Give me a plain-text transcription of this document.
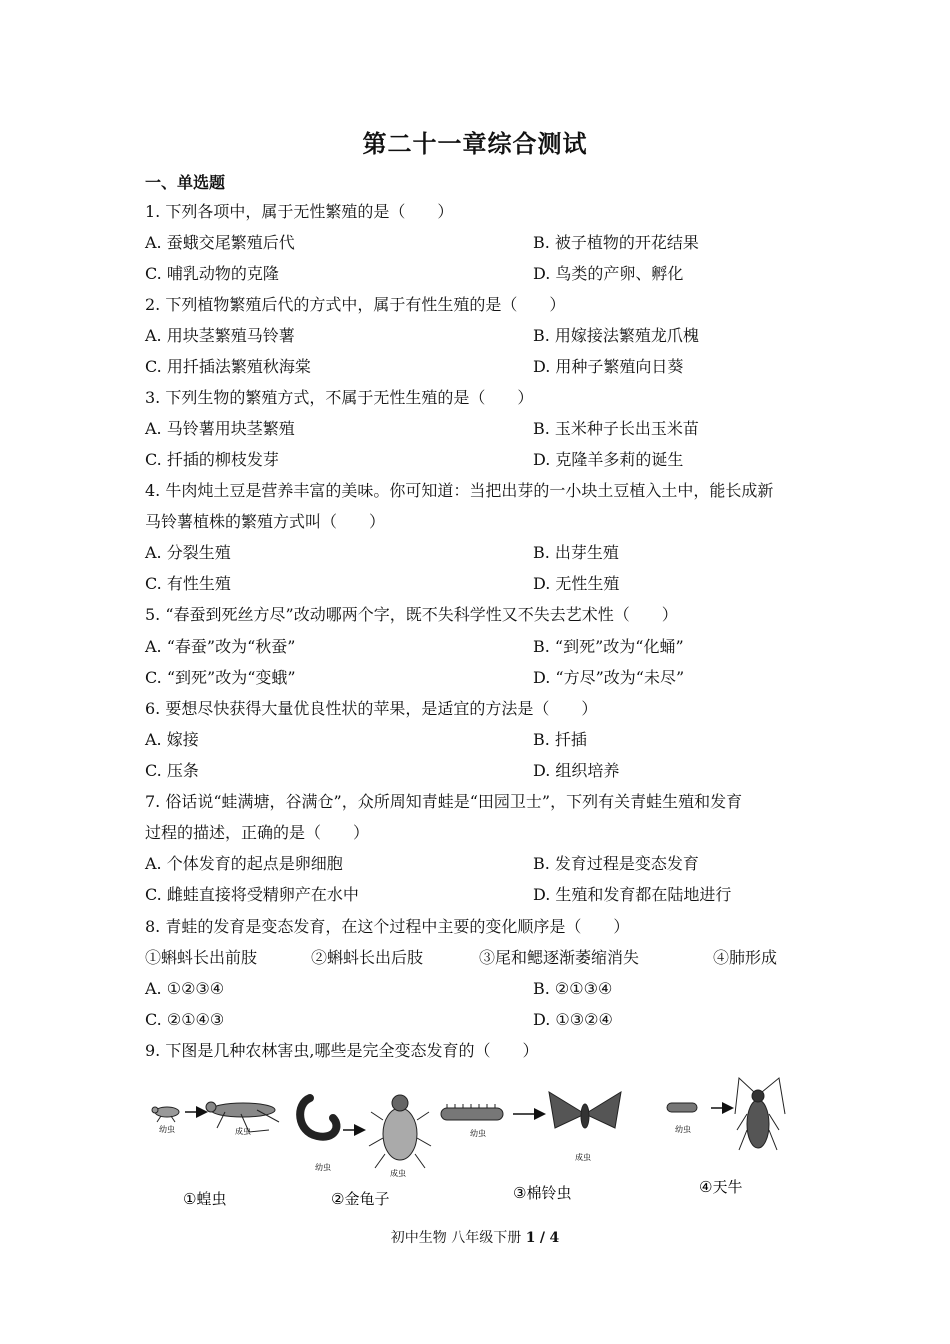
第二十一章综合测试
一、单选题
1. 下列各项中，属于无性繁殖的是（　　）
A. 蚕蛾交尾繁殖后代	B. 被子植物的开花结果
C. 哺乳动物的克隆	D. 鸟类的产卵、孵化
2. 下列植物繁殖后代的方式中，属于有性生殖的是（　　）
A. 用块茎繁殖马铃薯	B. 用嫁接法繁殖龙爪槐
C. 用扦插法繁殖秋海棠	D. 用种子繁殖向日葵
3. 下列生物的繁殖方式，不属于无性生殖的是（　　）
A. 马铃薯用块茎繁殖	B. 玉米种子长出玉米苗
C. 扦插的柳枝发芽	D. 克隆羊多莉的诞生
4. 牛肉炖土豆是营养丰富的美味。你可知道：当把出芽的一小块土豆植入土中，能长成新
马铃薯植株的繁殖方式叫（　　）
A. 分裂生殖	B. 出芽生殖
C. 有性生殖	D. 无性生殖
5. “春蚕到死丝方尽”改动哪两个字，既不失科学性又不失去艺术性（　　）
A. “春蚕”改为“秋蚕”	B. “到死”改为“化蛹”
C. “到死”改为“变蛾”	D. “方尽”改为“未尽”
6. 要想尽快获得大量优良性状的苹果，是适宜的方法是（　　）
A. 嫁接	B. 扦插
C. 压条	D. 组织培养
7. 俗话说“蛙满塘，谷满仓”，众所周知青蛙是“田园卫士”，下列有关青蛙生殖和发育
过程的描述，正确的是（　　）
A. 个体发育的起点是卵细胞	B. 发育过程是变态发育
C. 雌蛙直接将受精卵产在水中	D. 生殖和发育都在陆地进行
8. 青蛙的发育是变态发育，在这个过程中主要的变化顺序是（　　）
①蝌蚪长出前肢	②蝌蚪长出后肢	③尾和鳃逐渐萎缩消失	④肺形成
A. ①②③④	B. ②①③④
C. ②①④③	D. ①③②④
9. 下图是几种农林害虫,哪些是完全变态发育的（　　）
幼虫	成虫
①蝗虫
幼虫
成虫
②金龟子
幼虫
成虫
③棉铃虫
幼虫
④天牛
初中生物 八年级下册 1 / 4
